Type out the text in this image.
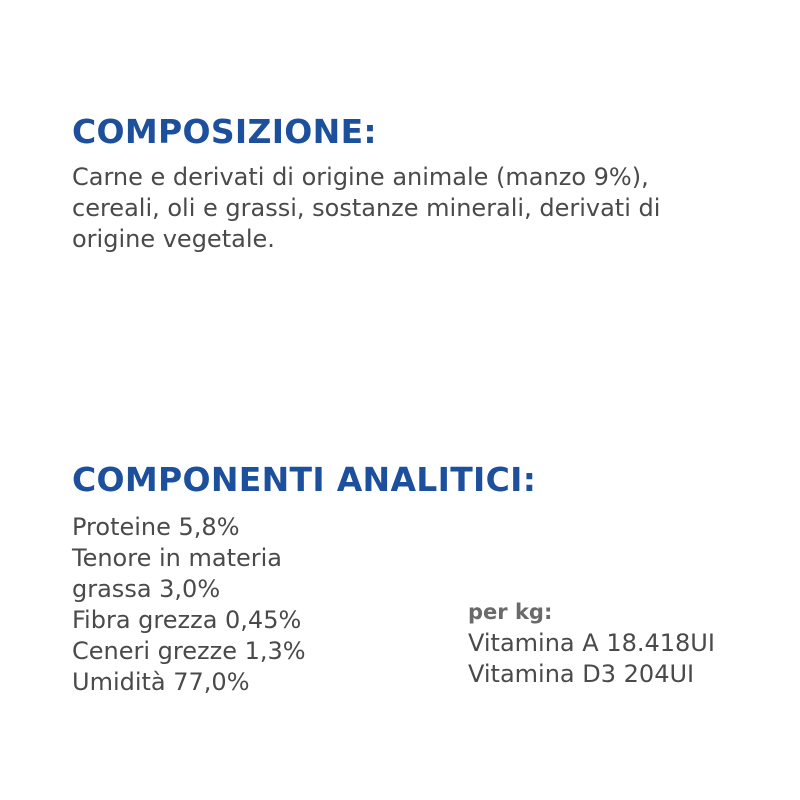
COMPOSIZIONE:

Carne e derivati di origine animale (manzo 9%),
cereali, oli e grassi, sostanze minerali, derivati di
origine vegetale.

COMPONENTI ANALITICI:

Proteine 5,8%
Tenore in materia
grassa 3,0%
Fibra grezza 0,45%
Ceneri grezze 1,3%
Umidità 77,0%

per kg:
Vitamina A 18.418UI
Vitamina D3 204UI
